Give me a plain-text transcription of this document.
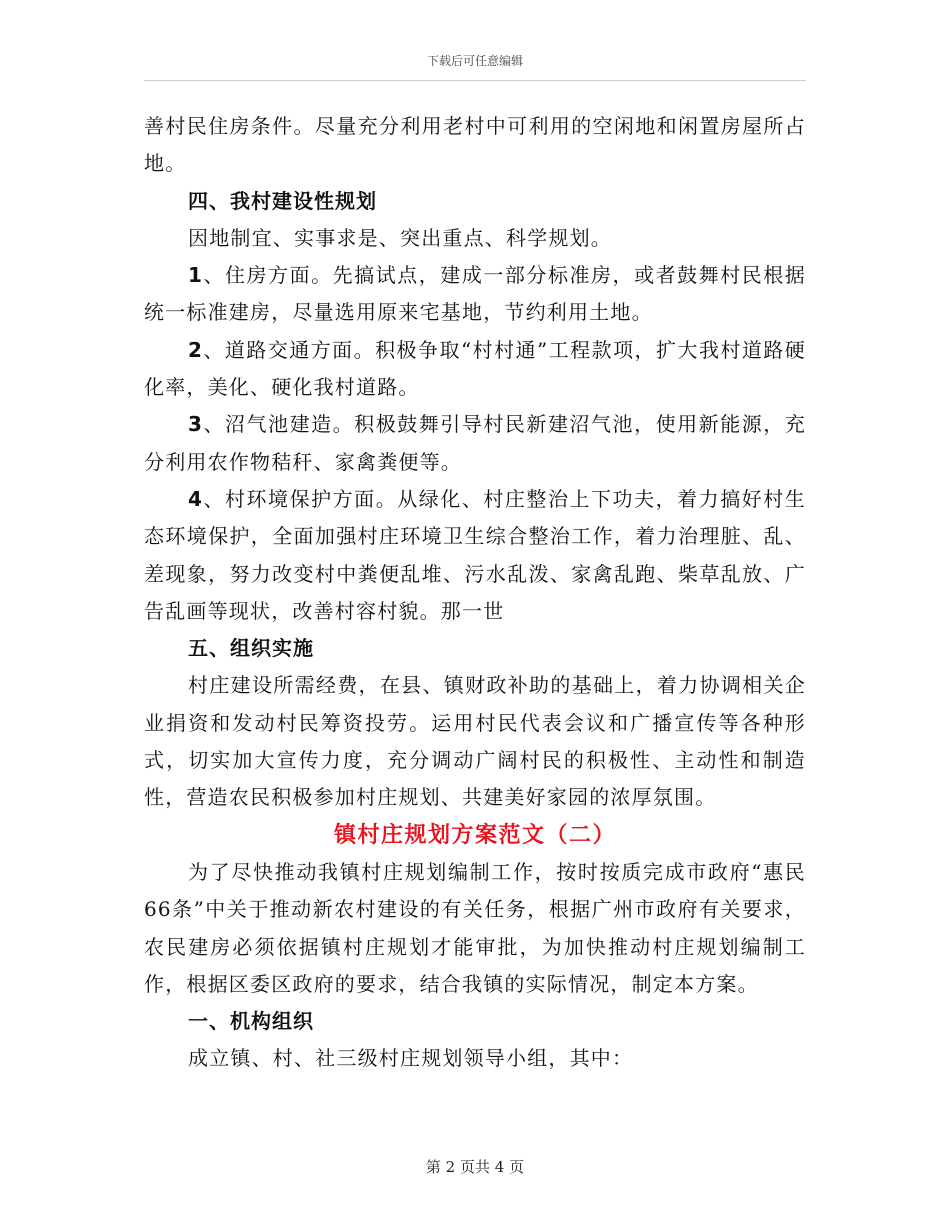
下载后可任意编辑

善村民住房条件。尽量充分利用老村中可利用的空闲地和闲置房屋所占地。

四、我村建设性规划

因地制宜、实事求是、突出重点、科学规划。

1、住房方面。先搞试点，建成一部分标准房，或者鼓舞村民根据统一标准建房，尽量选用原来宅基地，节约利用土地。

2、道路交通方面。积极争取“村村通”工程款项，扩大我村道路硬化率，美化、硬化我村道路。

3、沼气池建造。积极鼓舞引导村民新建沼气池，使用新能源，充分利用农作物秸秆、家禽粪便等。

4、村环境保护方面。从绿化、村庄整治上下功夫，着力搞好村生态环境保护，全面加强村庄环境卫生综合整治工作，着力治理脏、乱、差现象，努力改变村中粪便乱堆、污水乱泼、家禽乱跑、柴草乱放、广告乱画等现状，改善村容村貌。那一世

五、组织实施

村庄建设所需经费，在县、镇财政补助的基础上，着力协调相关企业捐资和发动村民筹资投劳。运用村民代表会议和广播宣传等各种形式，切实加大宣传力度，充分调动广阔村民的积极性、主动性和制造性，营造农民积极参加村庄规划、共建美好家园的浓厚氛围。

镇村庄规划方案范文（二）

为了尽快推动我镇村庄规划编制工作，按时按质完成市政府“惠民66条”中关于推动新农村建设的有关任务，根据广州市政府有关要求，农民建房必须依据镇村庄规划才能审批，为加快推动村庄规划编制工作，根据区委区政府的要求，结合我镇的实际情况，制定本方案。

一、机构组织

成立镇、村、社三级村庄规划领导小组，其中：

第 2 页共 4 页
